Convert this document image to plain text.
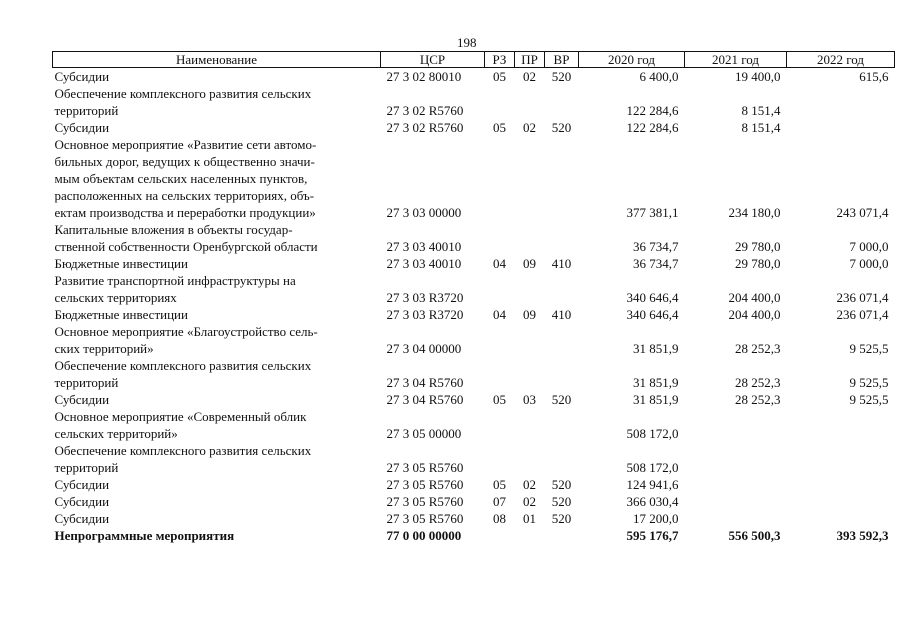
198
Наименование	ЦСР	РЗ	ПР	ВР	2020 год	2021 год	2022 год
Субсидии	27 3 02 80010	05	02	520	6 400,0	19 400,0	615,6
Обеспечение комплексного развития сельских
территорий	27 3 02 R5760				122 284,6	8 151,4	
Субсидии	27 3 02 R5760	05	02	520	122 284,6	8 151,4	
Основное мероприятие «Развитие сети автомо-
бильных дорог, ведущих к общественно значи-
мым объектам сельских населенных пунктов,
расположенных на сельских территориях, объ-
ектам производства и переработки продукции»	27 3 03 00000				377 381,1	234 180,0	243 071,4
Капитальные вложения в объекты государ-
ственной собственности Оренбургской области	27 3 03 40010				36 734,7	29 780,0	7 000,0
Бюджетные инвестиции	27 3 03 40010	04	09	410	36 734,7	29 780,0	7 000,0
Развитие транспортной инфраструктуры на
сельских территориях	27 3 03 R3720				340 646,4	204 400,0	236 071,4
Бюджетные инвестиции	27 3 03 R3720	04	09	410	340 646,4	204 400,0	236 071,4
Основное мероприятие «Благоустройство сель-
ских территорий»	27 3 04 00000				31 851,9	28 252,3	9 525,5
Обеспечение комплексного развития сельских
территорий	27 3 04 R5760				31 851,9	28 252,3	9 525,5
Субсидии	27 3 04 R5760	05	03	520	31 851,9	28 252,3	9 525,5
Основное мероприятие «Современный облик
сельских территорий»	27 3 05 00000				508 172,0		
Обеспечение комплексного развития сельских
территорий	27 3 05 R5760				508 172,0		
Субсидии	27 3 05 R5760	05	02	520	124 941,6		
Субсидии	27 3 05 R5760	07	02	520	366 030,4		
Субсидии	27 3 05 R5760	08	01	520	17 200,0		
Непрограммные мероприятия	77 0 00 00000				595 176,7	556 500,3	393 592,3
